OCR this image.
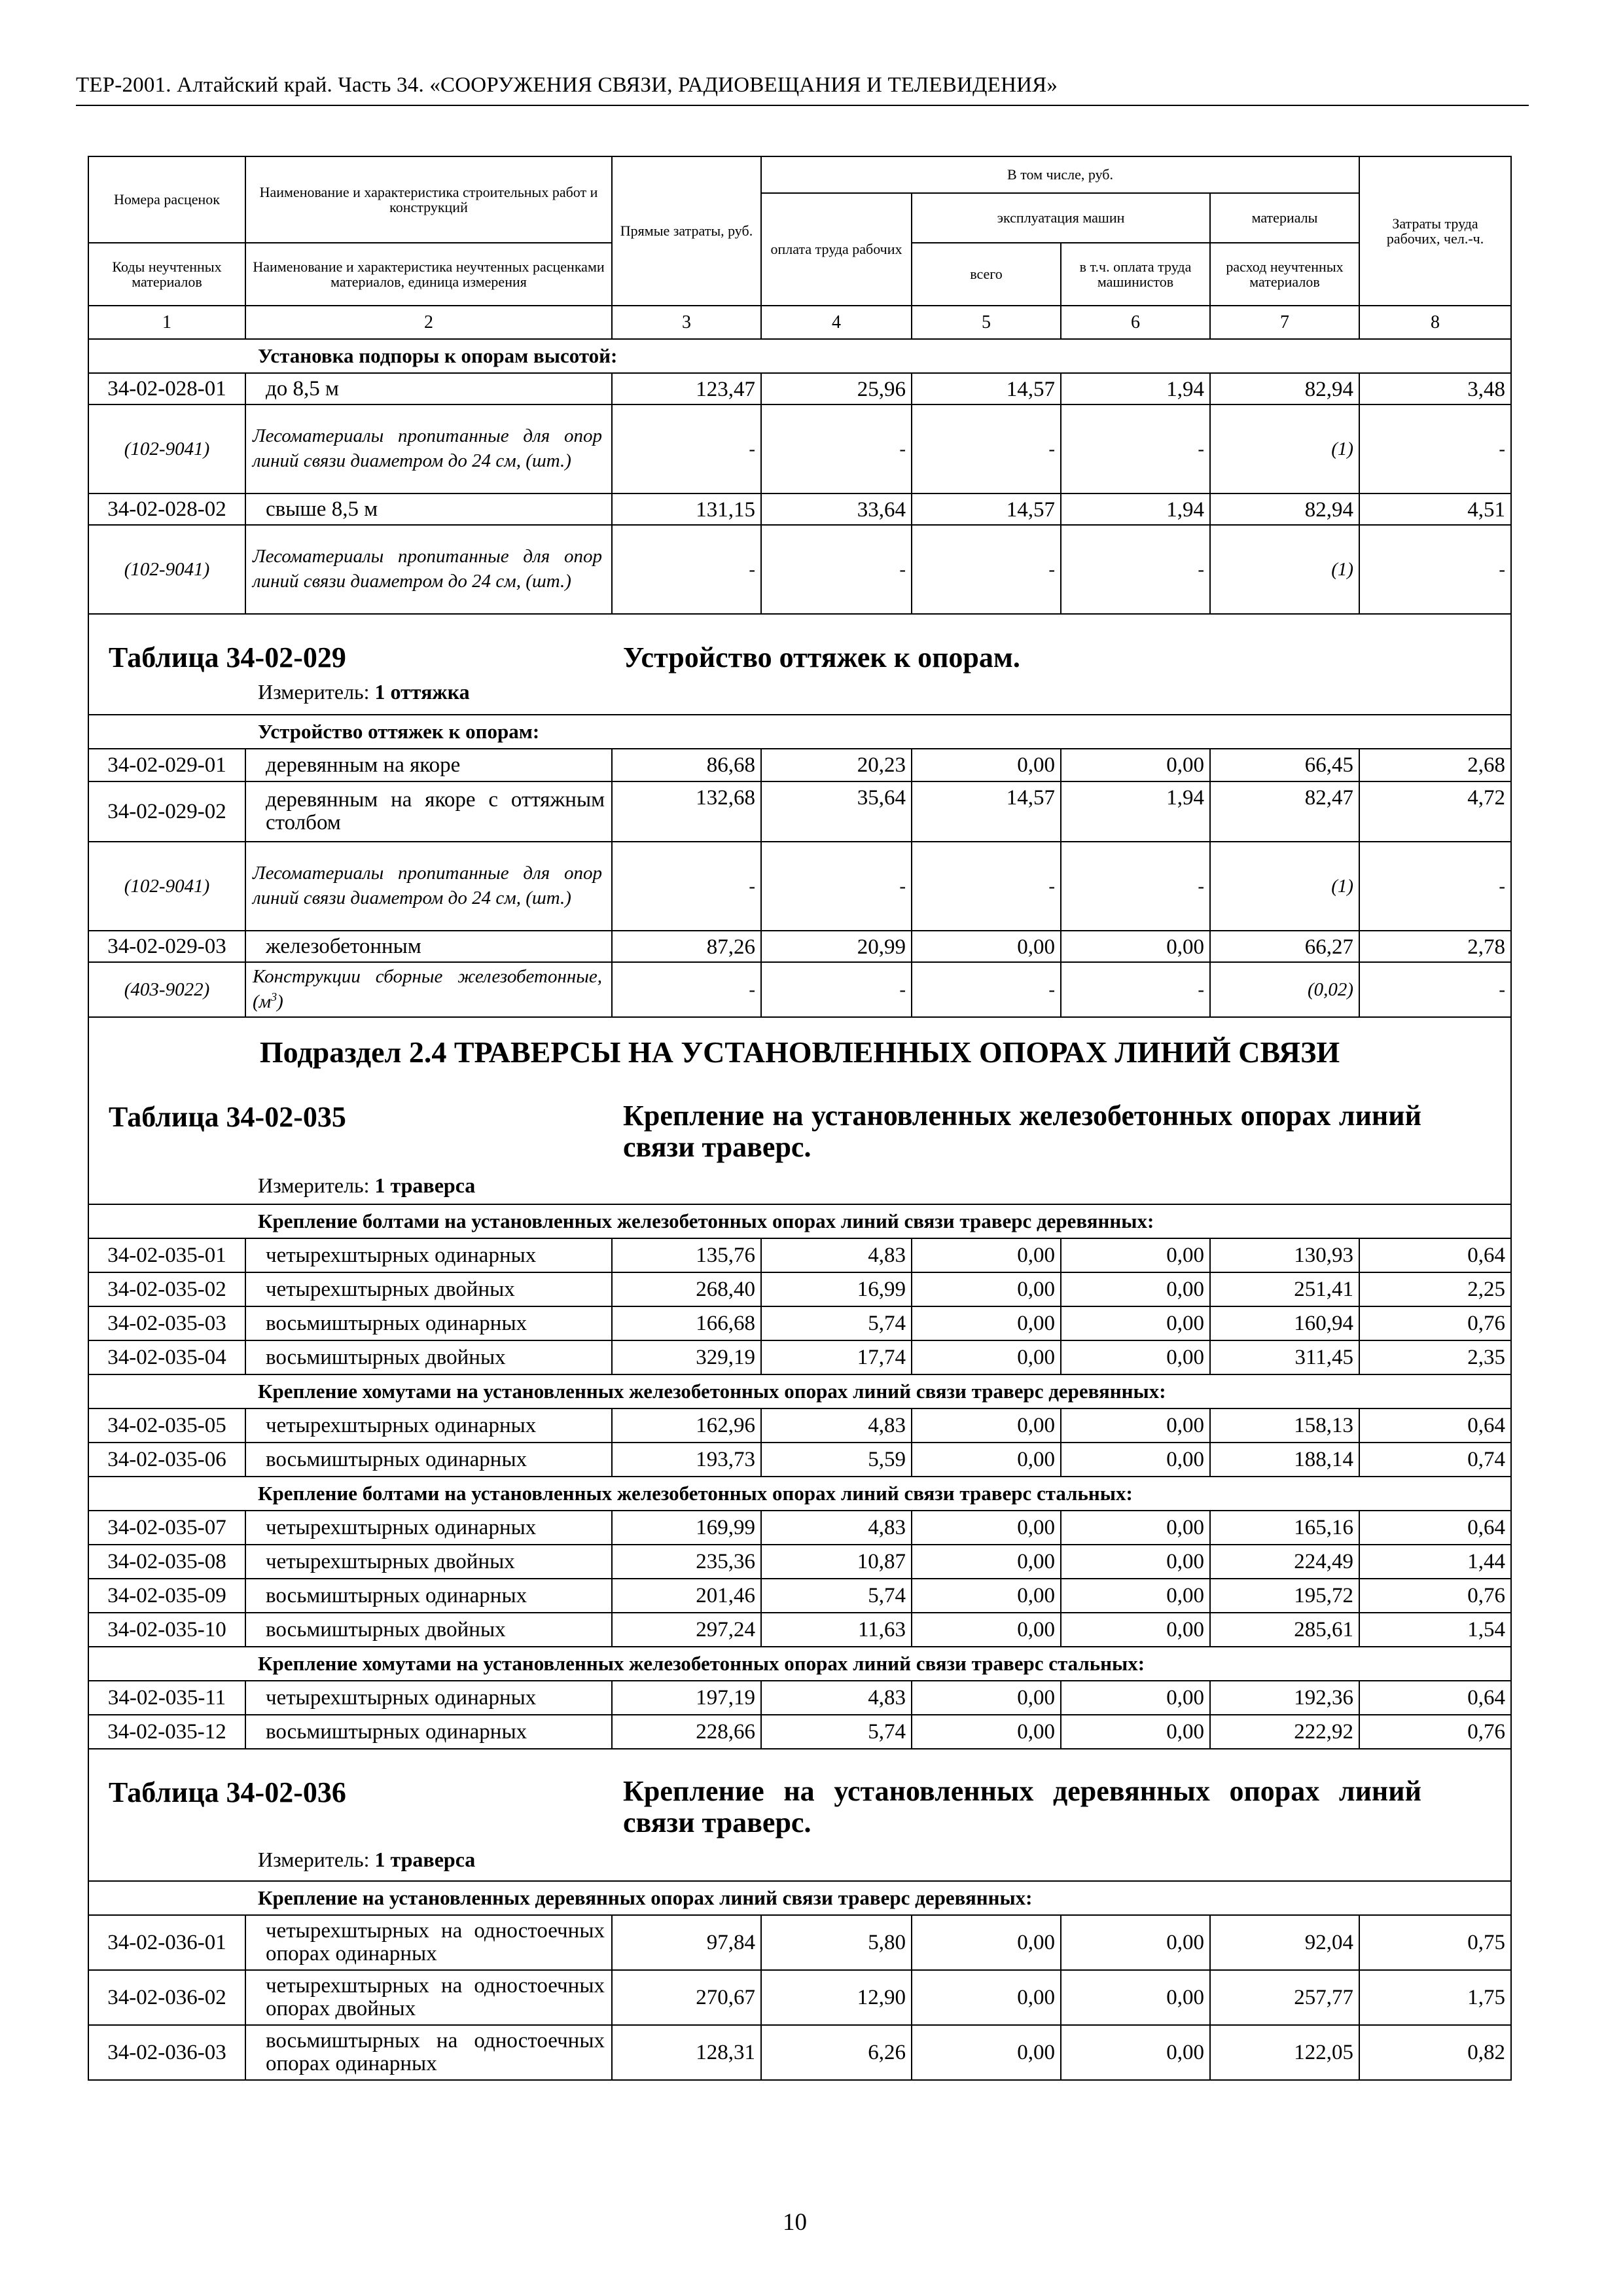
ТЕР-2001. Алтайский край. Часть 34. «СООРУЖЕНИЯ СВЯЗИ, РАДИОВЕЩАНИЯ И ТЕЛЕВИДЕНИЯ»
Номера расценок	Наименование и характеристика строительных работ и конструкций	Прямые затраты, руб.	В том числе, руб.				Затраты труда рабочих, чел.-ч.
			оплата труда рабочих	эксплуатация машин		материалы	
Коды неучтенных материалов	Наименование и характеристика неучтенных расценками материалов, единица измерения			всего	в т.ч. оплата труда машинистов	расход неучтенных материалов	
1	2	3	4	5	6	7	8
Установка подпоры к опорам высотой:							
34-02-028-01	до 8,5 м	123,47	25,96	14,57	1,94	82,94	3,48
(102-9041)	Лесоматериалы пропитанные для опор линий связи диаметром до 24 см, (шт.)	-	-	-	-	(1)	-
34-02-028-02	свыше 8,5 м	131,15	33,64	14,57	1,94	82,94	4,51
(102-9041)	Лесоматериалы пропитанные для опор линий связи диаметром до 24 см, (шт.)	-	-	-	-	(1)	-

Таблица 34-02-029 Устройство оттяжек к опорам.
Измеритель: 1 оттяжка							

Устройство оттяжек к опорам:							
34-02-029-01	деревянным на якоре	86,68	20,23	0,00	0,00	66,45	2,68
34-02-029-02	деревянным на якоре с оттяжным столбом	132,68	35,64	14,57	1,94	82,47	4,72
(102-9041)	Лесоматериалы пропитанные для опор линий связи диаметром до 24 см, (шт.)	-	-	-	-	(1)	-
34-02-029-03	железобетонным	87,26	20,99	0,00	0,00	66,27	2,78
(403-9022)	Конструкции сборные железобетонные, $(м^3)$	-	-	-	-	(0,02)	-

Подраздел 2.4 ТРАВЕРСЫ НА УСТАНОВЛЕННЫХ ОПОРАХ ЛИНИЙ СВЯЗИ
Таблица 34-02-035 Крепление на установленных железобетонных опорах линий связи траверс.
Измеритель: 1 траверса							

Крепление болтами на установленных железобетонных опорах линий связи траверс деревянных:							
34-02-035-01	четырехштырных одинарных	135,76	4,83	0,00	0,00	130,93	0,64
34-02-035-02	четырехштырных двойных	268,40	16,99	0,00	0,00	251,41	2,25
34-02-035-03	восьмиштырных одинарных	166,68	5,74	0,00	0,00	160,94	0,76
34-02-035-04	восьмиштырных двойных	329,19	17,74	0,00	0,00	311,45	2,35
Крепление хомутами на установленных железобетонных опорах линий связи траверс деревянных:							
34-02-035-05	четырехштырных одинарных	162,96	4,83	0,00	0,00	158,13	0,64
34-02-035-06	восьмиштырных одинарных	193,73	5,59	0,00	0,00	188,14	0,74
Крепление болтами на установленных железобетонных опорах линий связи траверс стальных:							
34-02-035-07	четырехштырных одинарных	169,99	4,83	0,00	0,00	165,16	0,64
34-02-035-08	четырехштырных двойных	235,36	10,87	0,00	0,00	224,49	1,44
34-02-035-09	восьмиштырных одинарных	201,46	5,74	0,00	0,00	195,72	0,76
34-02-035-10	восьмиштырных двойных	297,24	11,63	0,00	0,00	285,61	1,54
Крепление хомутами на установленных железобетонных опорах линий связи траверс стальных:							
34-02-035-11	четырехштырных одинарных	197,19	4,83	0,00	0,00	192,36	0,64
34-02-035-12	восьмиштырных одинарных	228,66	5,74	0,00	0,00	222,92	0,76

Таблица 34-02-036 Крепление на установленных деревянных опорах линий связи траверс.
Измеритель: 1 траверса							

Крепление на установленных деревянных опорах линий связи траверс деревянных:							
34-02-036-01	четырехштырных на одностоечных опорах одинарных	97,84	5,80	0,00	0,00	92,04	0,75
34-02-036-02	четырехштырных на одностоечных опорах двойных	270,67	12,90	0,00	0,00	257,77	1,75
34-02-036-03	восьмиштырных на одностоечных опорах одинарных	128,31	6,26	0,00	0,00	122,05	0,82
10
